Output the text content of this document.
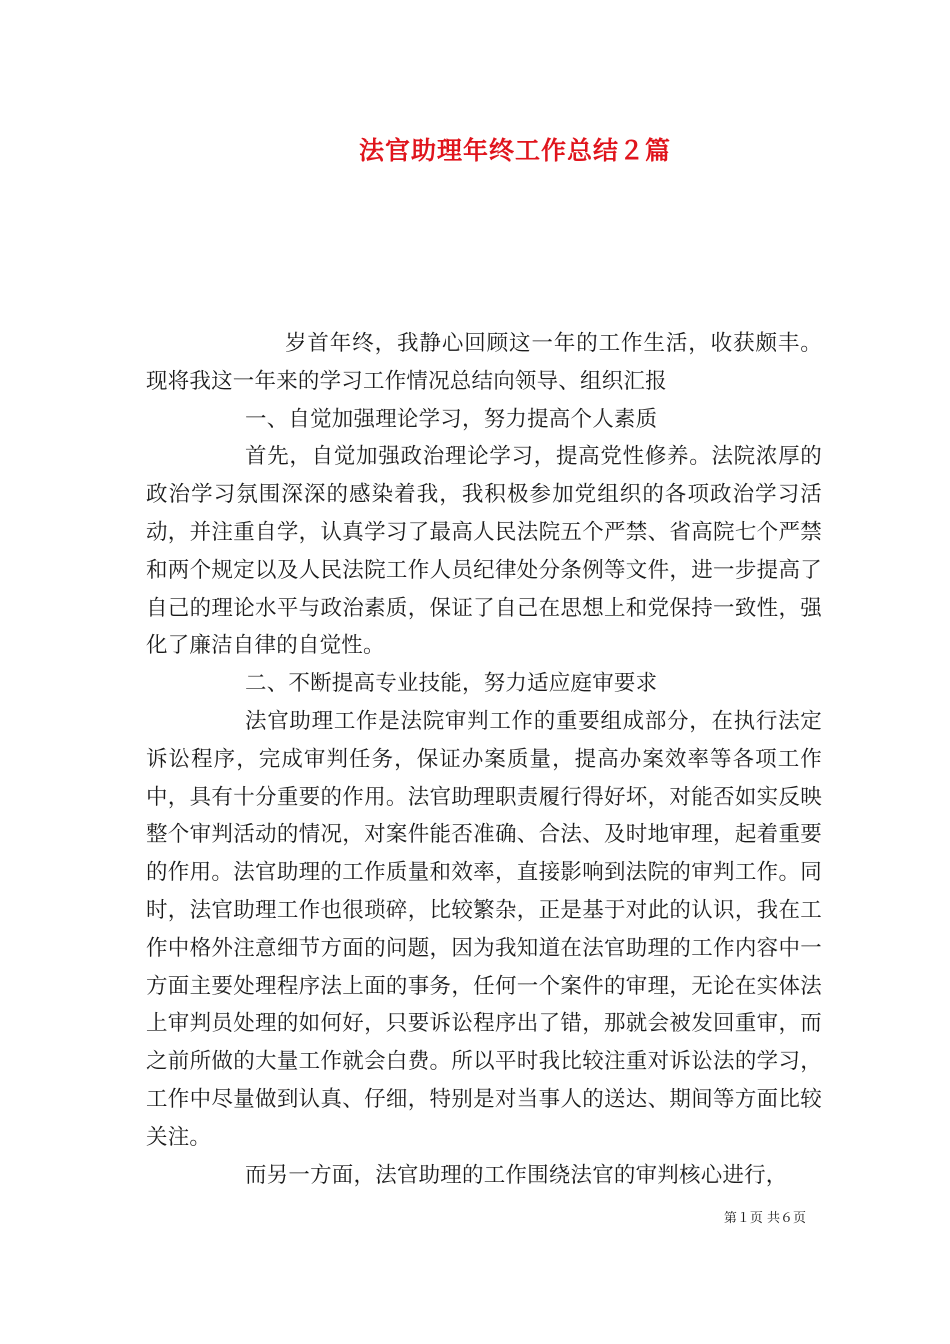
法官助理年终工作总结２篇

岁首年终，我静心回顾这一年的工作生活，收获颇丰。现将我这一年来的学习工作情况总结向领导、组织汇报

一、自觉加强理论学习，努力提高个人素质

首先，自觉加强政治理论学习，提高党性修养。法院浓厚的政治学习氛围深深的感染着我，我积极参加党组织的各项政治学习活动，并注重自学，认真学习了最高人民法院五个严禁、省高院七个严禁和两个规定以及人民法院工作人员纪律处分条例等文件，进一步提高了自己的理论水平与政治素质，保证了自己在思想上和党保持一致性，强化了廉洁自律的自觉性。

二、不断提高专业技能，努力适应庭审要求

法官助理工作是法院审判工作的重要组成部分，在执行法定诉讼程序，完成审判任务，保证办案质量，提高办案效率等各项工作中，具有十分重要的作用。法官助理职责履行得好坏，对能否如实反映整个审判活动的情况，对案件能否准确、合法、及时地审理，起着重要的作用。法官助理的工作质量和效率，直接影响到法院的审判工作。同时，法官助理工作也很琐碎，比较繁杂，正是基于对此的认识，我在工作中格外注意细节方面的问题，因为我知道在法官助理的工作内容中一方面主要处理程序法上面的事务，任何一个案件的审理，无论在实体法上审判员处理的如何好，只要诉讼程序出了错，那就会被发回重审，而之前所做的大量工作就会白费。所以平时我比较注重对诉讼法的学习，工作中尽量做到认真、仔细，特别是对当事人的送达、期间等方面比较关注。

而另一方面，法官助理的工作围绕法官的审判核心进行，

第１页 共６页
